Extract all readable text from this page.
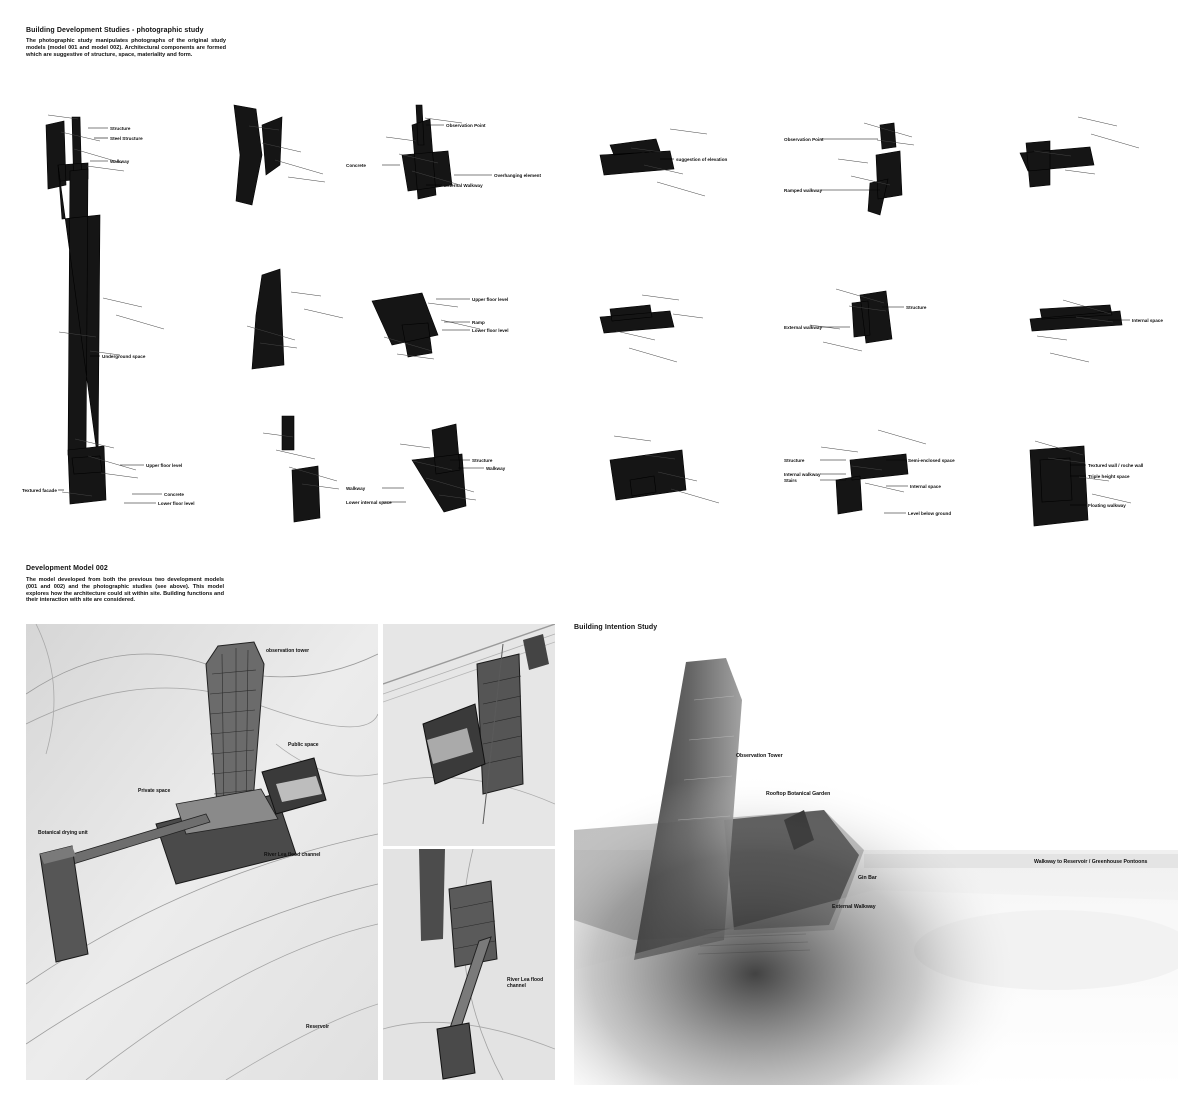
Building Development Studies - photographic study
The photographic study manipulates photographs of the original study models (model 001 and model 002). Architectural components are formed which are suggestive of structure, space, materiality and form.
Structure
Steel Structure
Walkway
Observation Point
Concrete
Overhanging element
External Walkway
suggestion of elevation
Observation Point
Ramped walkway
Underground space
Upper floor level
Ramp
Lower floor level
Structure
External walkway
Internal space
Upper floor level
Textured facade
Concrete
Lower floor level
Structure
Walkway
Walkway
Lower internal space
Structure	Semi-enclosed space
Internal walkway
Stairs
Internal space
Level below ground
Textured wall / roche wall
Triple height space
Floating walkway
Development Model 002
The model developed from both the previous two development models (001 and 002) and the photographic studies (see above). This model explores how the architecture could sit within site. Building functions and their interaction with site are considered.
observation tower
Public space
Private space
Botanical drying unit
River Lea flood channel
Reservoir
River Lea flood channel
Building Intention Study
Observation Tower
Rooftop Botanical Garden
Gin Bar
External Walkway
Walkway to Reservoir / Greenhouse Pontoons
